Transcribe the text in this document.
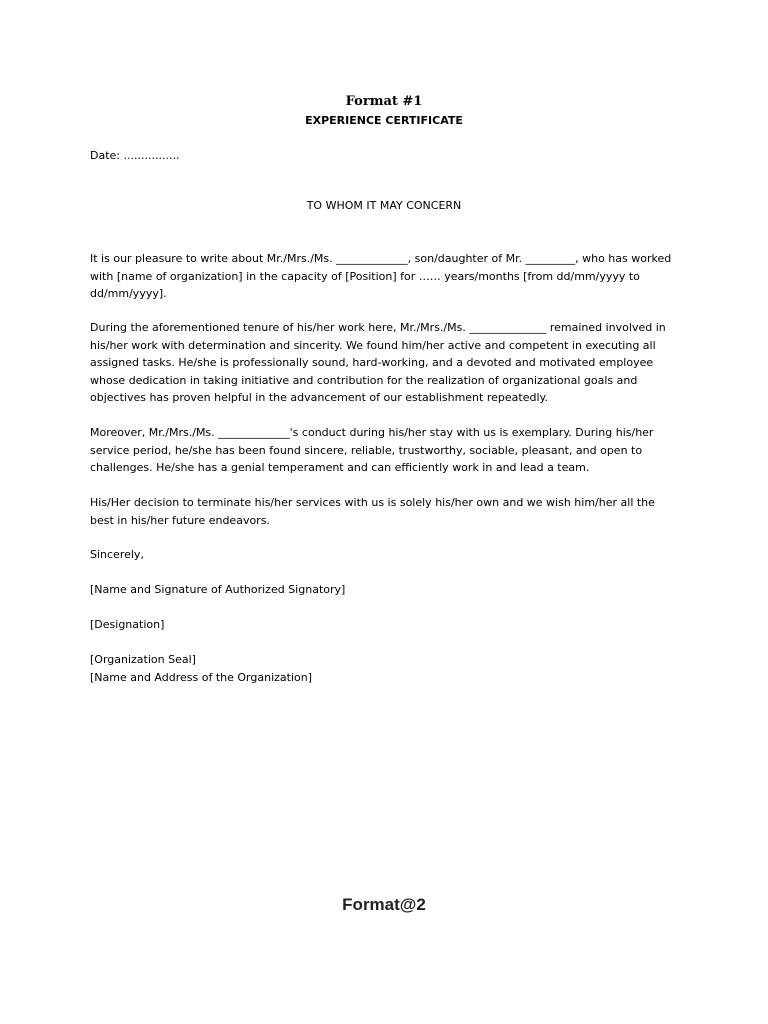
Format #1
EXPERIENCE CERTIFICATE

Date: ................

TO WHOM IT MAY CONCERN

It is our pleasure to write about Mr./Mrs./Ms. _____________, son/daughter of Mr. _________, who has worked with [name of organization] in the capacity of [Position] for …… years/months [from dd/mm/yyyy to dd/mm/yyyy].

During the aforementioned tenure of his/her work here, Mr./Mrs./Ms. ______________ remained involved in his/her work with determination and sincerity. We found him/her active and competent in executing all assigned tasks. He/she is professionally sound, hard-working, and a devoted and motivated employee whose dedication in taking initiative and contribution for the realization of organizational goals and objectives has proven helpful in the advancement of our establishment repeatedly.

Moreover, Mr./Mrs./Ms. _____________'s conduct during his/her stay with us is exemplary. During his/her service period, he/she has been found sincere, reliable, trustworthy, sociable, pleasant, and open to challenges. He/she has a genial temperament and can efficiently work in and lead a team.

His/Her decision to terminate his/her services with us is solely his/her own and we wish him/her all the best in his/her future endeavors.

Sincerely,

[Name and Signature of Authorized Signatory]

[Designation]

[Organization Seal]

[Name and Address of the Organization]

Format@2
